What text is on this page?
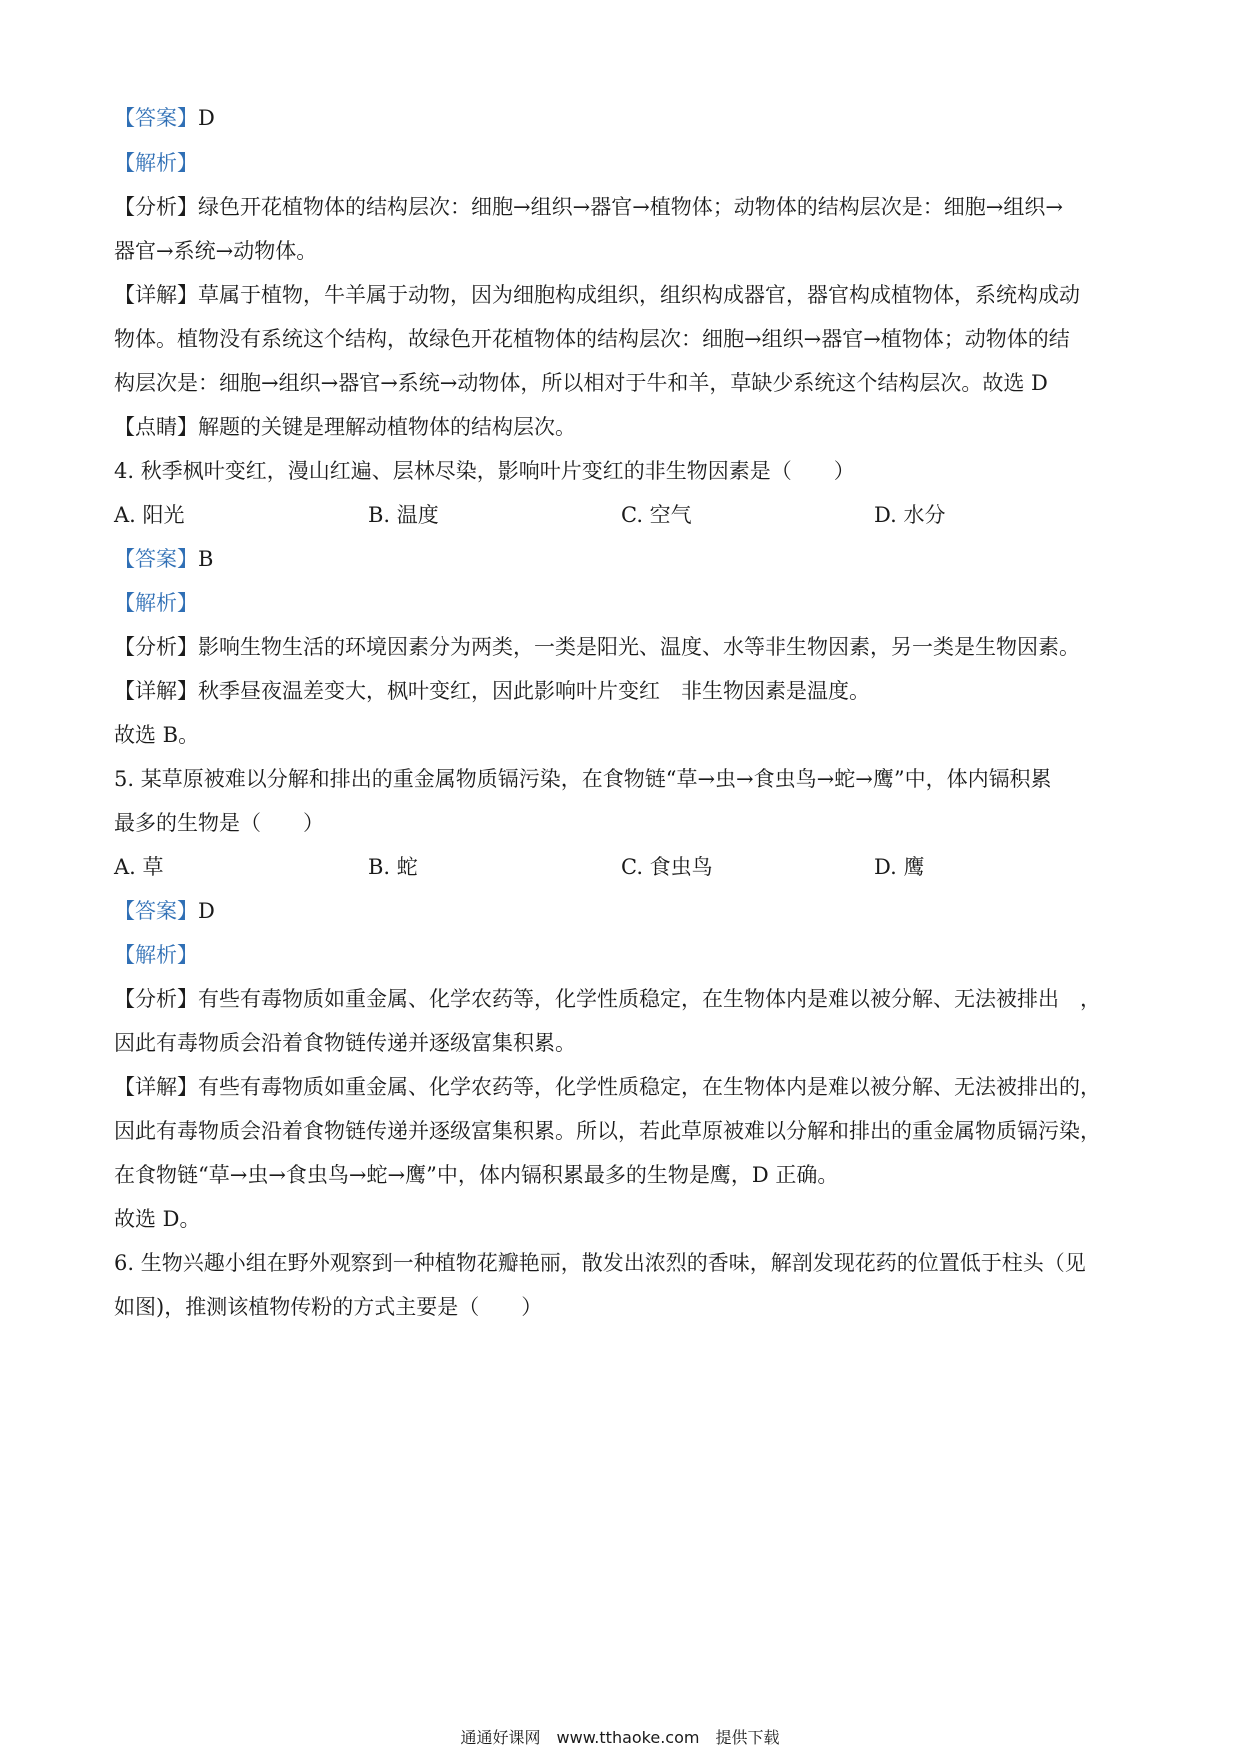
【答案】D
【解析】
【分析】绿色开花植物体的结构层次：细胞→组织→器官→植物体；动物体的结构层次是：细胞→组织→
器官→系统→动物体。
【详解】草属于植物，牛羊属于动物，因为细胞构成组织，组织构成器官，器官构成植物体，系统构成动
物体。植物没有系统这个结构，故绿色开花植物体的结构层次：细胞→组织→器官→植物体；动物体的结
构层次是：细胞→组织→器官→系统→动物体，所以相对于牛和羊，草缺少系统这个结构层次。故选 D
【点睛】解题的关键是理解动植物体的结构层次。
4. 秋季枫叶变红，漫山红遍、层林尽染，影响叶片变红的非生物因素是（　　）
A. 阳光	B. 温度	C. 空气	D. 水分
【答案】B
【解析】
【分析】影响生物生活的环境因素分为两类，一类是阳光、温度、水等非生物因素，另一类是生物因素。
【详解】秋季昼夜温差变大，枫叶变红，因此影响叶片变红　非生物因素是温度。
故选 B。
5. 某草原被难以分解和排出的重金属物质镉污染，在食物链“草→虫→食虫鸟→蛇→鹰”中，体内镉积累
最多的生物是（　　）
A. 草	B. 蛇	C. 食虫鸟	D. 鹰
【答案】D
【解析】
【分析】有些有毒物质如重金属、化学农药等，化学性质稳定，在生物体内是难以被分解、无法被排出　，
因此有毒物质会沿着食物链传递并逐级富集积累。
【详解】有些有毒物质如重金属、化学农药等，化学性质稳定，在生物体内是难以被分解、无法被排出的，
因此有毒物质会沿着食物链传递并逐级富集积累。所以，若此草原被难以分解和排出的重金属物质镉污染，
在食物链“草→虫→食虫鸟→蛇→鹰”中，体内镉积累最多的生物是鹰，D 正确。
故选 D。
6. 生物兴趣小组在野外观察到一种植物花瓣艳丽，散发出浓烈的香味，解剖发现花药的位置低于柱头（见
如图)，推测该植物传粉的方式主要是（　　）
通通好课网　www.tthaoke.com　提供下载
